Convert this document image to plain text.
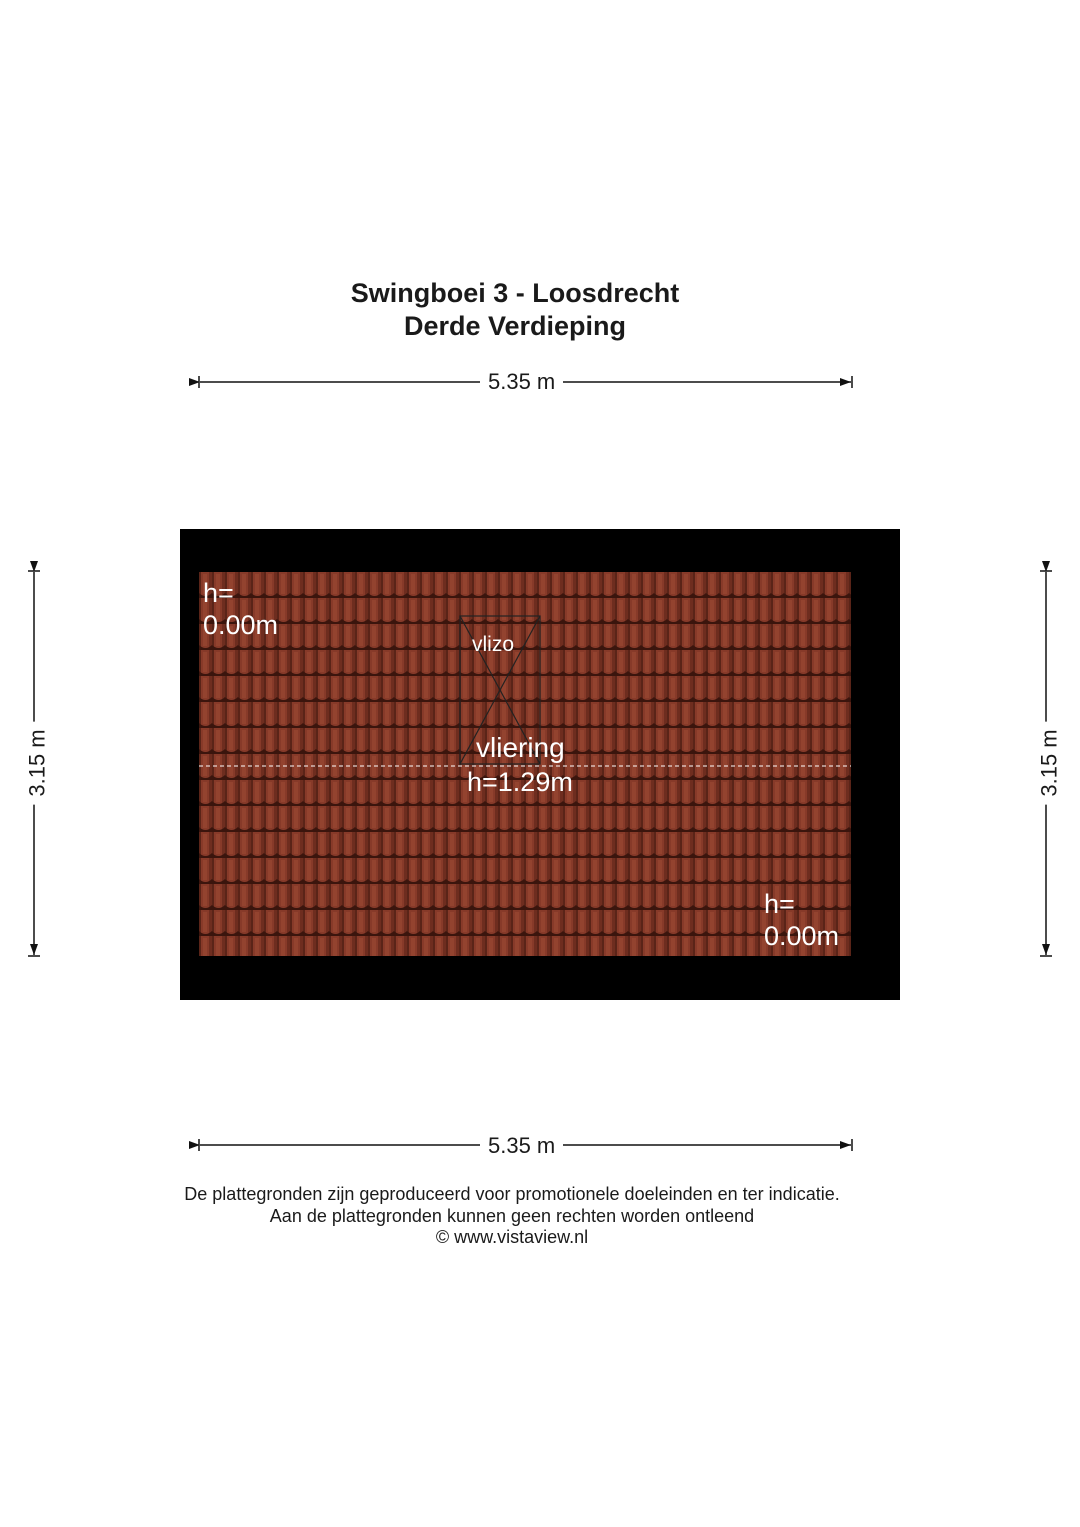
Swingboei 3 - Loosdrecht
Derde Verdieping
5.35 m
5.35 m
3.15 m	3.15 m
h=
0.00m
h=
0.00m
vlizo
vliering
h=1.29m
De plattegronden zijn geproduceerd voor promotionele doeleinden en ter indicatie.
Aan de plattegronden kunnen geen rechten worden ontleend
© www.vistaview.nl
